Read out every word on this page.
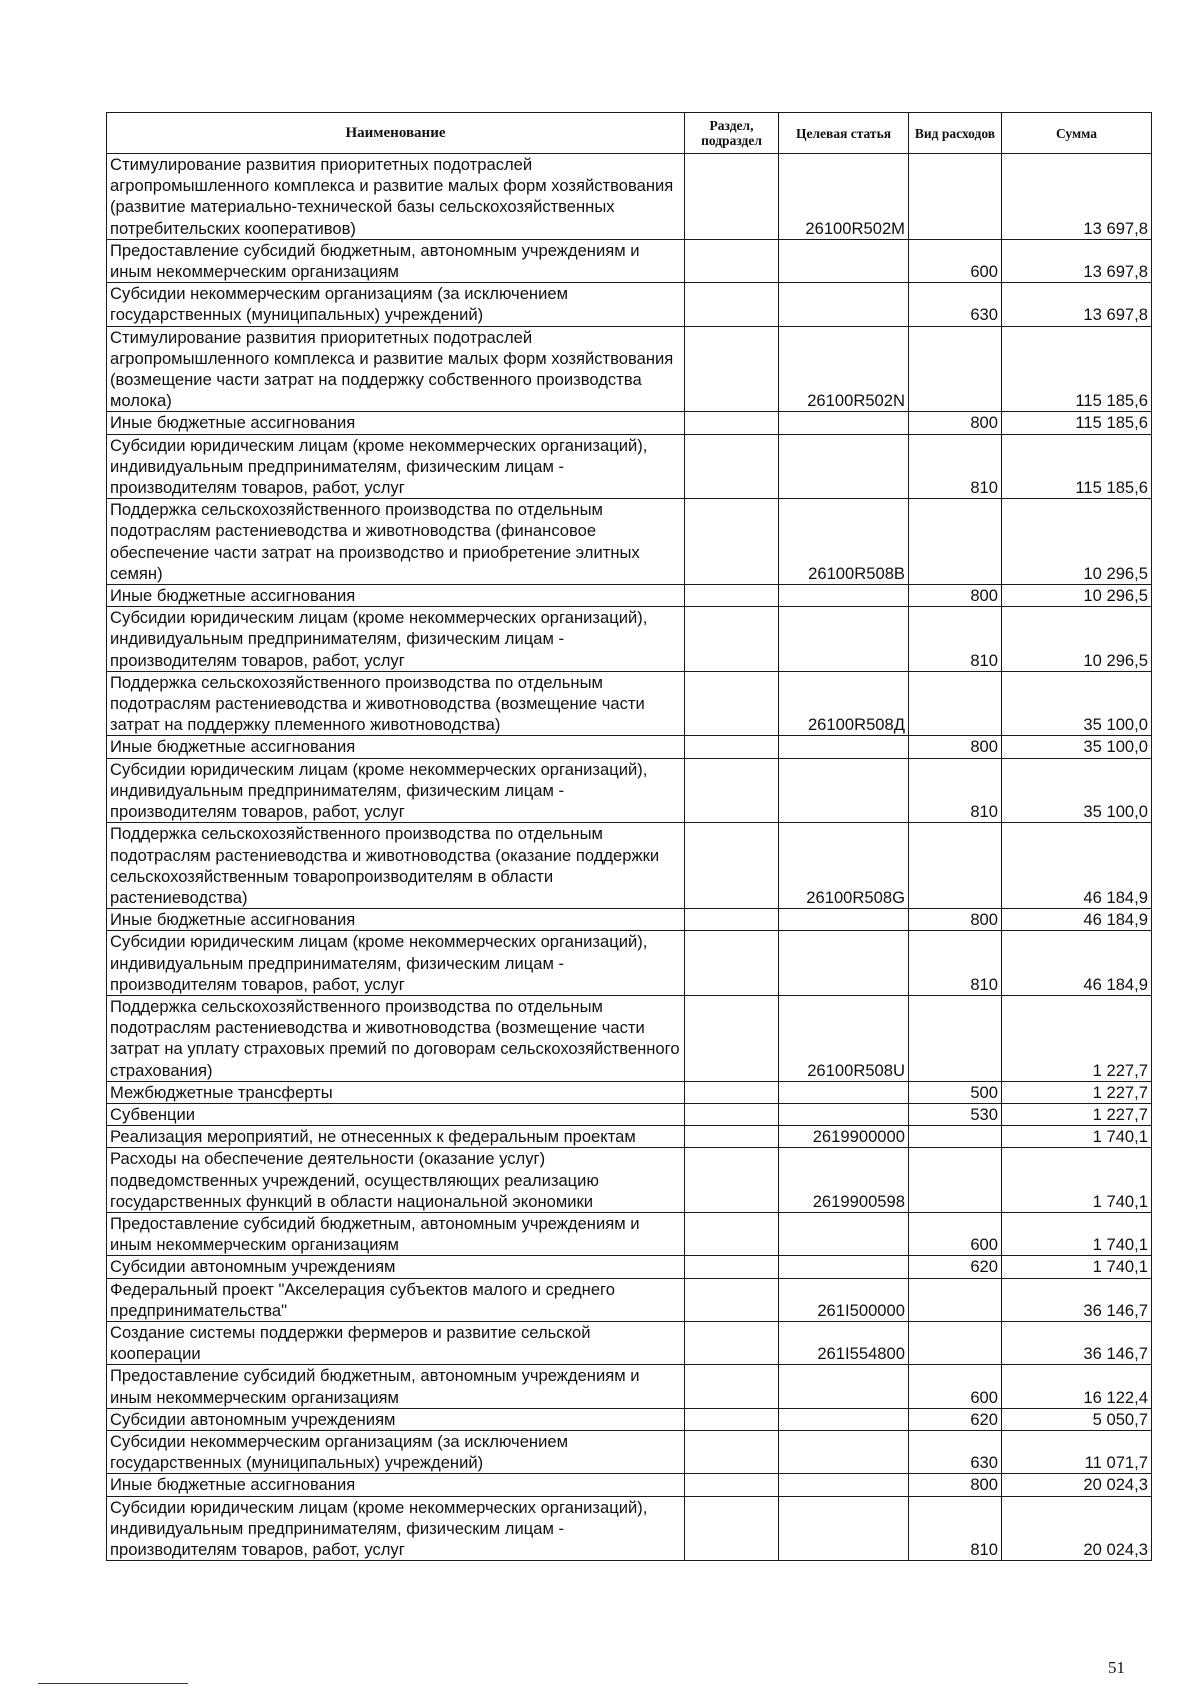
Наименование	Раздел, подраздел	Целевая статья	Вид расходов	Сумма
Стимулирование развития приоритетных подотраслей агропромышленного комплекса и развитие малых форм хозяйствования (развитие материально-технической базы сельскохозяйственных потребительских кооперативов)		26100R502M		13 697,8
Предоставление субсидий бюджетным, автономным учреждениям и иным некоммерческим организациям			600	13 697,8
Субсидии некоммерческим организациям (за исключением государственных (муниципальных) учреждений)			630	13 697,8
Стимулирование развития приоритетных подотраслей агропромышленного комплекса и развитие малых форм хозяйствования (возмещение части затрат на поддержку собственного производства молока)		26100R502N		115 185,6
Иные бюджетные ассигнования			800	115 185,6
Субсидии юридическим лицам (кроме некоммерческих организаций), индивидуальным предпринимателям, физическим лицам - производителям товаров, работ, услуг			810	115 185,6
Поддержка сельскохозяйственного производства по отдельным подотраслям растениеводства и животноводства (финансовое обеспечение части затрат на производство и приобретение элитных семян)		26100R508B		10 296,5
Иные бюджетные ассигнования			800	10 296,5
Субсидии юридическим лицам (кроме некоммерческих организаций), индивидуальным предпринимателям, физическим лицам - производителям товаров, работ, услуг			810	10 296,5
Поддержка сельскохозяйственного производства по отдельным подотраслям растениеводства и животноводства (возмещение части затрат на поддержку племенного животноводства)		26100R508Д		35 100,0
Иные бюджетные ассигнования			800	35 100,0
Субсидии юридическим лицам (кроме некоммерческих организаций), индивидуальным предпринимателям, физическим лицам - производителям товаров, работ, услуг			810	35 100,0
Поддержка сельскохозяйственного производства по отдельным подотраслям растениеводства и животноводства (оказание поддержки сельскохозяйственным товаропроизводителям в области растениеводства)		26100R508G		46 184,9
Иные бюджетные ассигнования			800	46 184,9
Субсидии юридическим лицам (кроме некоммерческих организаций), индивидуальным предпринимателям, физическим лицам - производителям товаров, работ, услуг			810	46 184,9
Поддержка сельскохозяйственного производства по отдельным подотраслям растениеводства и животноводства (возмещение части затрат на уплату страховых премий по договорам сельскохозяйственного страхования)		26100R508U		1 227,7
Межбюджетные трансферты			500	1 227,7
Субвенции			530	1 227,7
Реализация мероприятий, не отнесенных к федеральным проектам		2619900000		1 740,1
Расходы на обеспечение деятельности (оказание услуг) подведомственных учреждений, осуществляющих реализацию государственных функций в области национальной экономики		2619900598		1 740,1
Предоставление субсидий бюджетным, автономным учреждениям и иным некоммерческим организациям			600	1 740,1
Субсидии автономным учреждениям			620	1 740,1
Федеральный проект "Акселерация субъектов малого и среднего предпринимательства"		261I500000		36 146,7
Создание системы поддержки фермеров и развитие сельской кооперации		261I554800		36 146,7
Предоставление субсидий бюджетным, автономным учреждениям и иным некоммерческим организациям			600	16 122,4
Субсидии автономным учреждениям			620	5 050,7
Субсидии некоммерческим организациям (за исключением государственных (муниципальных) учреждений)			630	11 071,7
Иные бюджетные ассигнования			800	20 024,3
Субсидии юридическим лицам (кроме некоммерческих организаций), индивидуальным предпринимателям, физическим лицам - производителям товаров, работ, услуг			810	20 024,3
51
